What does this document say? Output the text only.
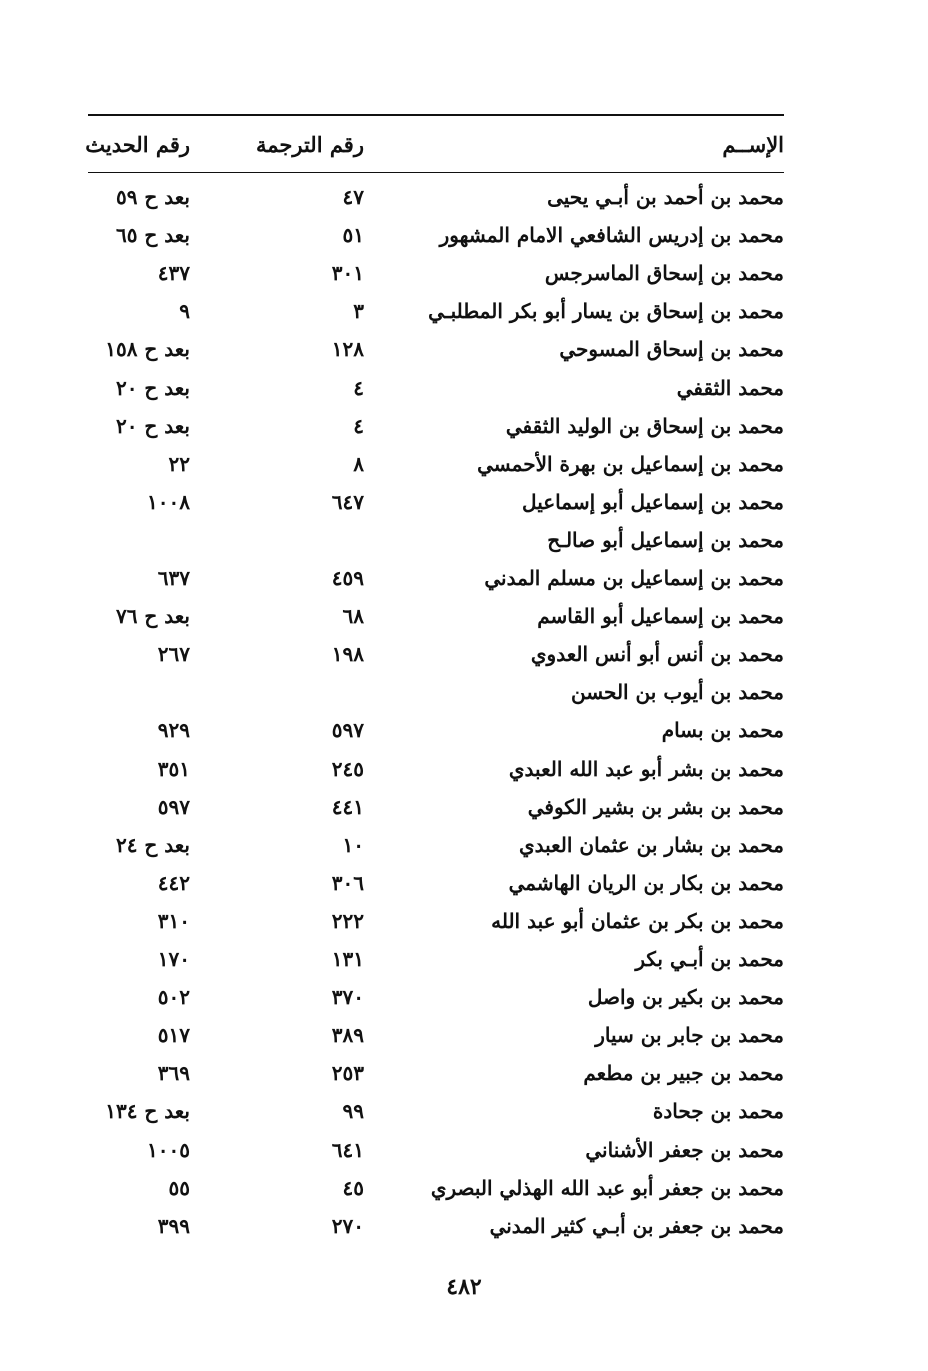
الإســم
رقم الترجمة
رقم الحديث
محمد بن أحمد بن أبـي يحيى
٤٧
بعد ح ٥٩
محمد بن إدريس الشافعي الامام المشهور
٥١
بعد ح ٦٥
محمد بن إسحاق الماسرجس
٣٠١
٤٣٧
محمد بن إسحاق بن يسار أبو بكر المطلبـي
٣
٩
محمد بن إسحاق المسوحي
١٢٨
بعد ح ١٥٨
محمد الثقفي
٤
بعد ح ٢٠
محمد بن إسحاق بن الوليد الثقفي
٤
بعد ح ٢٠
محمد بن إسماعيل بن بهرة الأحمسي
٨
٢٢
محمد بن إسماعيل أبو إسماعيل
٦٤٧
١٠٠٨
محمد بن إسماعيل أبو صالـح
محمد بن إسماعيل بن مسلم المدني
٤٥٩
٦٣٧
محمد بن إسماعيل أبو القاسم
٦٨
بعد ح ٧٦
محمد بن أنس أبو أنس العدوي
١٩٨
٢٦٧
محمد بن أيوب بن الحسن
محمد بن بسام
٥٩٧
٩٢٩
محمد بن بشر أبو عبد الله العبدي
٢٤٥
٣٥١
محمد بن بشر بن بشير الكوفي
٤٤١
٥٩٧
محمد بن بشار بن عثمان العبدي
١٠
بعد ح ٢٤
محمد بن بكار بن الريان الهاشمي
٣٠٦
٤٤٢
محمد بن بكر بن عثمان أبو عبد الله
٢٢٢
٣١٠
محمد بن أبـي بكر
١٣١
١٧٠
محمد بن بكير بن واصل
٣٧٠
٥٠٢
محمد بن جابر بن سيار
٣٨٩
٥١٧
محمد بن جبير بن مطعم
٢٥٣
٣٦٩
محمد بن جحادة
٩٩
بعد ح ١٣٤
محمد بن جعفر الأشناني
٦٤١
١٠٠٥
محمد بن جعفر أبو عبد الله الهذلي البصري
٤٥
٥٥
محمد بن جعفر بن أبـي كثير المدني
٢٧٠
٣٩٩
٤٨٢
